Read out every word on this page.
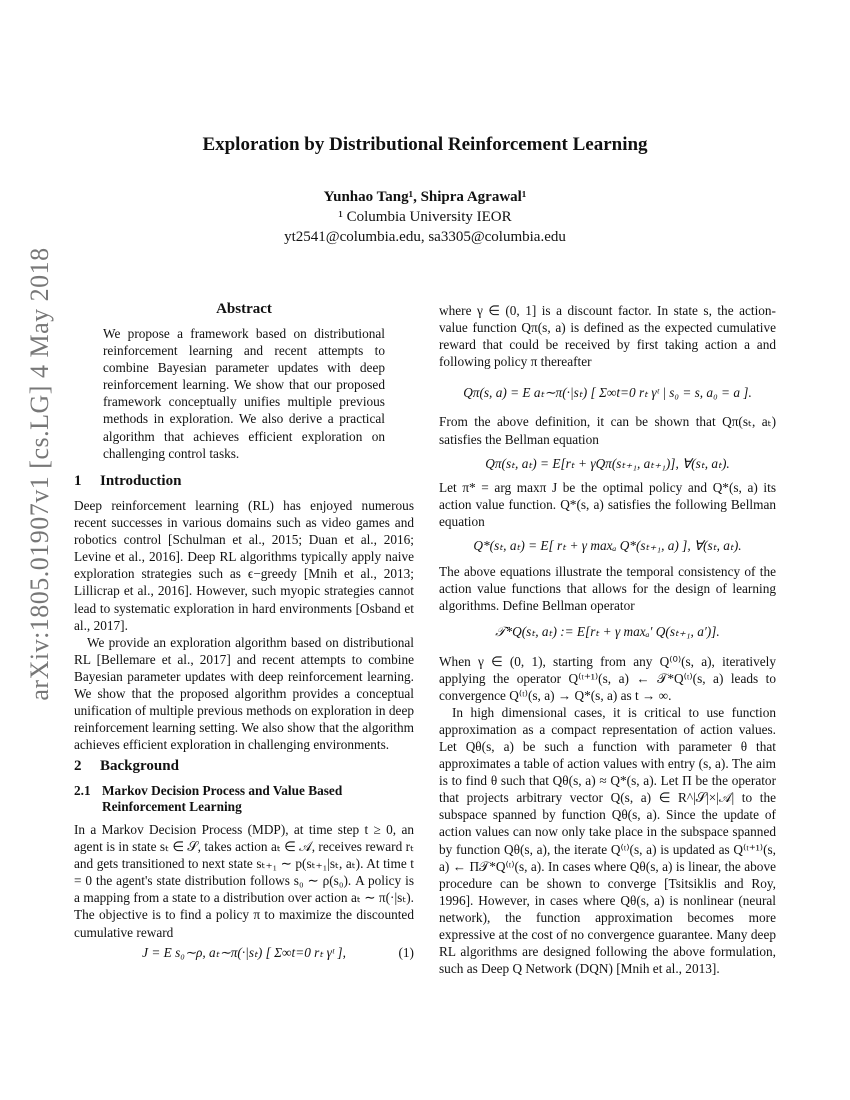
arXiv:1805.01907v1 [cs.LG] 4 May 2018
Exploration by Distributional Reinforcement Learning
Yunhao Tang¹, Shipra Agrawal¹
¹ Columbia University IEOR
yt2541@columbia.edu, sa3305@columbia.edu
Abstract

We propose a framework based on distributional reinforcement learning and recent attempts to combine Bayesian parameter updates with deep reinforcement learning. We show that our proposed framework conceptually unifies multiple previous methods in exploration. We also derive a practical algorithm that achieves efficient exploration on challenging control tasks.

1 Introduction

Deep reinforcement learning (RL) has enjoyed numerous recent successes in various domains such as video games and robotics control [Schulman et al., 2015; Duan et al., 2016; Levine et al., 2016]. Deep RL algorithms typically apply naive exploration strategies such as ϵ−greedy [Mnih et al., 2013; Lillicrap et al., 2016]. However, such myopic strategies cannot lead to systematic exploration in hard environments [Osband et al., 2017].

We provide an exploration algorithm based on distributional RL [Bellemare et al., 2017] and recent attempts to combine Bayesian parameter updates with deep reinforcement learning. We show that the proposed algorithm provides a conceptual unification of multiple previous methods on exploration in deep reinforcement learning setting. We also show that the algorithm achieves efficient exploration in challenging environments.

2 Background
2.1 Markov Decision Process and Value Based Reinforcement Learning

In a Markov Decision Process (MDP), at time step t ≥ 0, an agent is in state sₜ ∈ 𝒮, takes action aₜ ∈ 𝒜, receives reward rₜ and gets transitioned to next state sₜ₊₁ ∼ p(sₜ₊₁|sₜ, aₜ). At time t = 0 the agent's state distribution follows s₀ ∼ ρ(s₀). A policy is a mapping from a state to a distribution over action aₜ ∼ π(·|sₜ). The objective is to find a policy π to maximize the discounted cumulative reward

J = E s₀∼ρ, aₜ∼π(·|sₜ) [ Σ∞t=0 rₜ γᵗ ],	(1)

where γ ∈ (0, 1] is a discount factor. In state s, the action-value function Qπ(s, a) is defined as the expected cumulative reward that could be received by first taking action a and following policy π thereafter

Qπ(s, a) = E aₜ∼π(·|sₜ) [ Σ∞t=0 rₜ γᵗ | s₀ = s, a₀ = a ].

From the above definition, it can be shown that Qπ(sₜ, aₜ) satisfies the Bellman equation

Qπ(sₜ, aₜ) = E[rₜ + γQπ(sₜ₊₁, aₜ₊₁)], ∀(sₜ, aₜ).

Let π* = arg maxπ J be the optimal policy and Q*(s, a) its action value function. Q*(s, a) satisfies the following Bellman equation

Q*(sₜ, aₜ) = E[ rₜ + γ maxₐ Q*(sₜ₊₁, a) ], ∀(sₜ, aₜ).

The above equations illustrate the temporal consistency of the action value functions that allows for the design of learning algorithms. Define Bellman operator

𝒯*Q(sₜ, aₜ) := E[rₜ + γ maxₐ′ Q(sₜ₊₁, a′)].

When γ ∈ (0, 1), starting from any Q⁽⁰⁾(s, a), iteratively applying the operator Q⁽ᵗ⁺¹⁾(s, a) ← 𝒯*Q⁽ᵗ⁾(s, a) leads to convergence Q⁽ᵗ⁾(s, a) → Q*(s, a) as t → ∞.

In high dimensional cases, it is critical to use function approximation as a compact representation of action values. Let Qθ(s, a) be such a function with parameter θ that approximates a table of action values with entry (s, a). The aim is to find θ such that Qθ(s, a) ≈ Q*(s, a). Let Π be the operator that projects arbitrary vector Q(s, a) ∈ R^|𝒮|×|𝒜| to the subspace spanned by function Qθ(s, a). Since the update of action values can now only take place in the subspace spanned by function Qθ(s, a), the iterate Q⁽ᵗ⁾(s, a) is updated as Q⁽ᵗ⁺¹⁾(s, a) ← Π𝒯*Q⁽ᵗ⁾(s, a). In cases where Qθ(s, a) is linear, the above procedure can be shown to converge [Tsitsiklis and Roy, 1996]. However, in cases where Qθ(s, a) is nonlinear (neural network), the function approximation becomes more expressive at the cost of no convergence guarantee. Many deep RL algorithms are designed following the above formulation, such as Deep Q Network (DQN) [Mnih et al., 2013].
